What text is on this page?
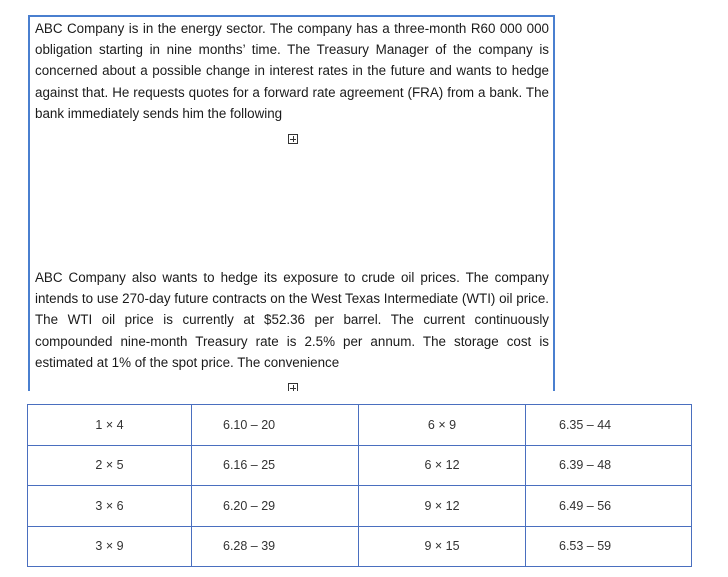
ABC Company is in the energy sector. The company has a three-month R60 000 000 obligation starting in nine months’ time. The Treasury Manager of the company is concerned about a possible change in interest rates in the future and wants to hedge against that. He requests quotes for a forward rate agreement (FRA) from a bank. The bank immediately sends him the following

ABC Company also wants to hedge its exposure to crude oil prices. The company intends to use 270-day future contracts on the West Texas Intermediate (WTI) oil price. The WTI oil price is currently at $52.36 per barrel. The current continuously compounded nine-month Treasury rate is 2.5% per annum. The storage cost is estimated at 1% of the spot price. The convenience

1 × 4	6.10 – 20	6 × 9	6.35 – 44
2 × 5	6.16 – 25	6 × 12	6.39 – 48
3 × 6	6.20 – 29	9 × 12	6.49 – 56
3 × 9	6.28 – 39	9 × 15	6.53 – 59
